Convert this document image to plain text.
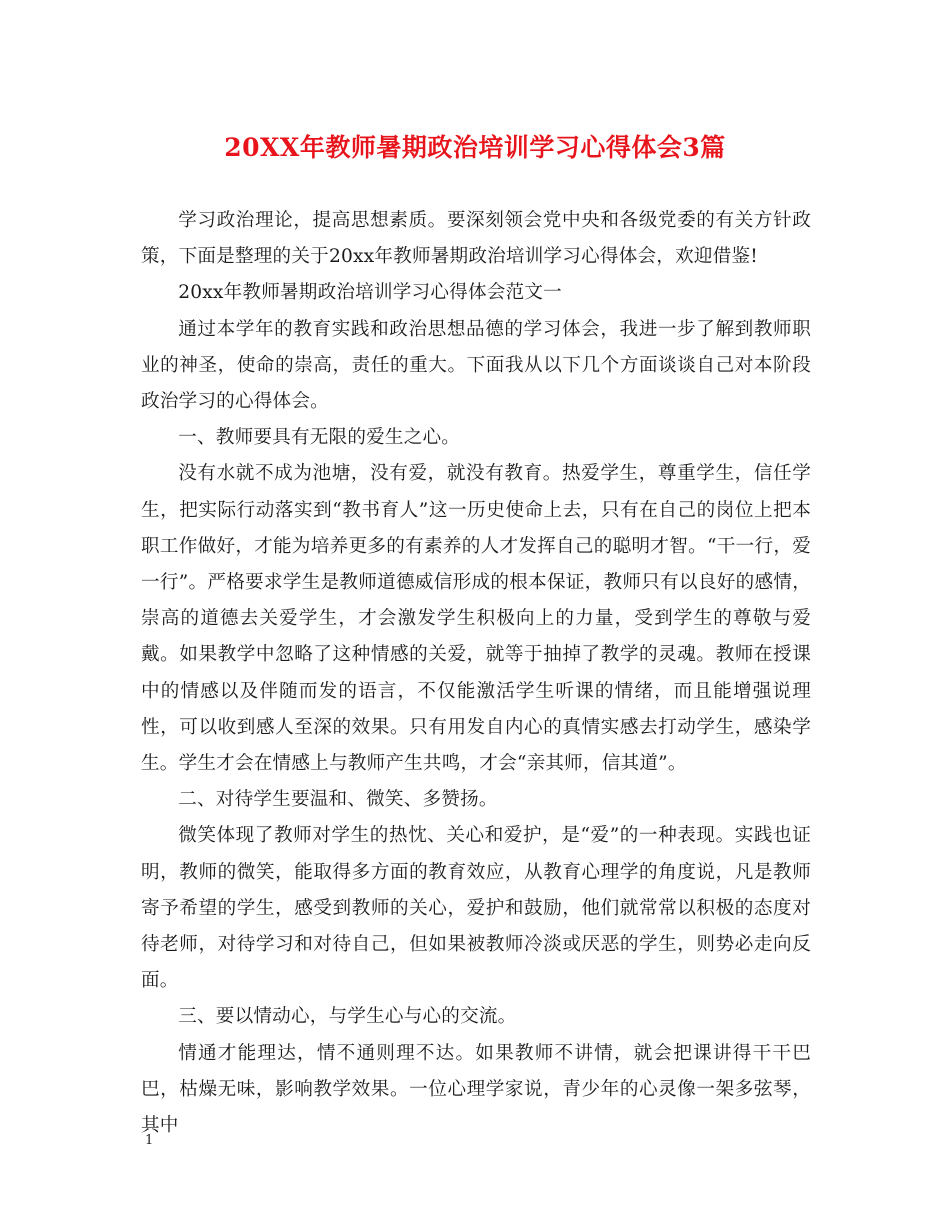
20XX年教师暑期政治培训学习心得体会3篇

学习政治理论，提高思想素质。要深刻领会党中央和各级党委的有关方针政策，下面是整理的关于20xx年教师暑期政治培训学习心得体会，欢迎借鉴!

20xx年教师暑期政治培训学习心得体会范文一

通过本学年的教育实践和政治思想品德的学习体会，我进一步了解到教师职业的神圣，使命的崇高，责任的重大。下面我从以下几个方面谈谈自己对本阶段政治学习的心得体会。

一、教师要具有无限的爱生之心。

没有水就不成为池塘，没有爱，就没有教育。热爱学生，尊重学生，信任学生，把实际行动落实到“教书育人”这一历史使命上去，只有在自己的岗位上把本职工作做好，才能为培养更多的有素养的人才发挥自己的聪明才智。“干一行，爱一行”。严格要求学生是教师道德威信形成的根本保证，教师只有以良好的感情，崇高的道德去关爱学生，才会激发学生积极向上的力量，受到学生的尊敬与爱戴。如果教学中忽略了这种情感的关爱，就等于抽掉了教学的灵魂。教师在授课中的情感以及伴随而发的语言，不仅能激活学生听课的情绪，而且能增强说理性，可以收到感人至深的效果。只有用发自内心的真情实感去打动学生，感染学生。学生才会在情感上与教师产生共鸣，才会“亲其师，信其道”。

二、对待学生要温和、微笑、多赞扬。

微笑体现了教师对学生的热忱、关心和爱护，是“爱”的一种表现。实践也证明，教师的微笑，能取得多方面的教育效应，从教育心理学的角度说，凡是教师寄予希望的学生，感受到教师的关心，爱护和鼓励，他们就常常以积极的态度对待老师，对待学习和对待自己，但如果被教师冷淡或厌恶的学生，则势必走向反面。

三、要以情动心，与学生心与心的交流。

情通才能理达，情不通则理不达。如果教师不讲情，就会把课讲得干干巴巴，枯燥无味，影响教学效果。一位心理学家说，青少年的心灵像一架多弦琴，其中

1
